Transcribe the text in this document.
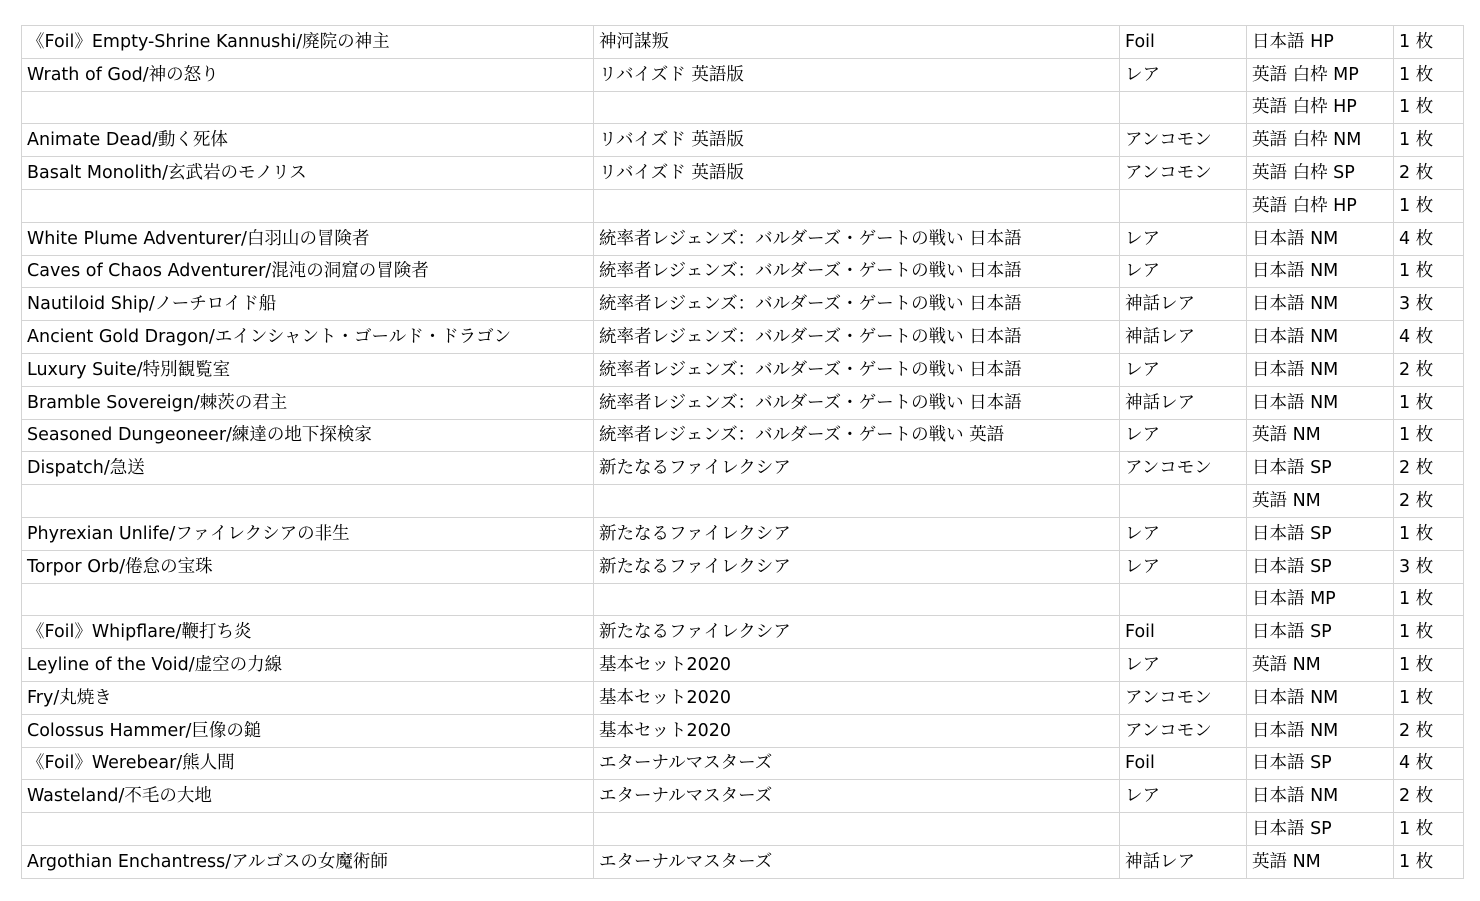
《Foil》Empty-Shrine Kannushi/廃院の神主	神河謀叛	Foil	日本語 HP	1 枚
Wrath of God/神の怒り	リバイズド 英語版	レア	英語 白枠 MP	1 枚
			英語 白枠 HP	1 枚
Animate Dead/動く死体	リバイズド 英語版	アンコモン	英語 白枠 NM	1 枚
Basalt Monolith/玄武岩のモノリス	リバイズド 英語版	アンコモン	英語 白枠 SP	2 枚
			英語 白枠 HP	1 枚
White Plume Adventurer/白羽山の冒険者	統率者レジェンズ：バルダーズ・ゲートの戦い 日本語	レア	日本語 NM	4 枚
Caves of Chaos Adventurer/混沌の洞窟の冒険者	統率者レジェンズ：バルダーズ・ゲートの戦い 日本語	レア	日本語 NM	1 枚
Nautiloid Ship/ノーチロイド船	統率者レジェンズ：バルダーズ・ゲートの戦い 日本語	神話レア	日本語 NM	3 枚
Ancient Gold Dragon/エインシャント・ゴールド・ドラゴン	統率者レジェンズ：バルダーズ・ゲートの戦い 日本語	神話レア	日本語 NM	4 枚
Luxury Suite/特別観覧室	統率者レジェンズ：バルダーズ・ゲートの戦い 日本語	レア	日本語 NM	2 枚
Bramble Sovereign/棘茨の君主	統率者レジェンズ：バルダーズ・ゲートの戦い 日本語	神話レア	日本語 NM	1 枚
Seasoned Dungeoneer/練達の地下探検家	統率者レジェンズ：バルダーズ・ゲートの戦い 英語	レア	英語 NM	1 枚
Dispatch/急送	新たなるファイレクシア	アンコモン	日本語 SP	2 枚
			英語 NM	2 枚
Phyrexian Unlife/ファイレクシアの非生	新たなるファイレクシア	レア	日本語 SP	1 枚
Torpor Orb/倦怠の宝珠	新たなるファイレクシア	レア	日本語 SP	3 枚
			日本語 MP	1 枚
《Foil》Whipflare/鞭打ち炎	新たなるファイレクシア	Foil	日本語 SP	1 枚
Leyline of the Void/虚空の力線	基本セット2020	レア	英語 NM	1 枚
Fry/丸焼き	基本セット2020	アンコモン	日本語 NM	1 枚
Colossus Hammer/巨像の鎚	基本セット2020	アンコモン	日本語 NM	2 枚
《Foil》Werebear/熊人間	エターナルマスターズ	Foil	日本語 SP	4 枚
Wasteland/不毛の大地	エターナルマスターズ	レア	日本語 NM	2 枚
			日本語 SP	1 枚
Argothian Enchantress/アルゴスの女魔術師	エターナルマスターズ	神話レア	英語 NM	1 枚
